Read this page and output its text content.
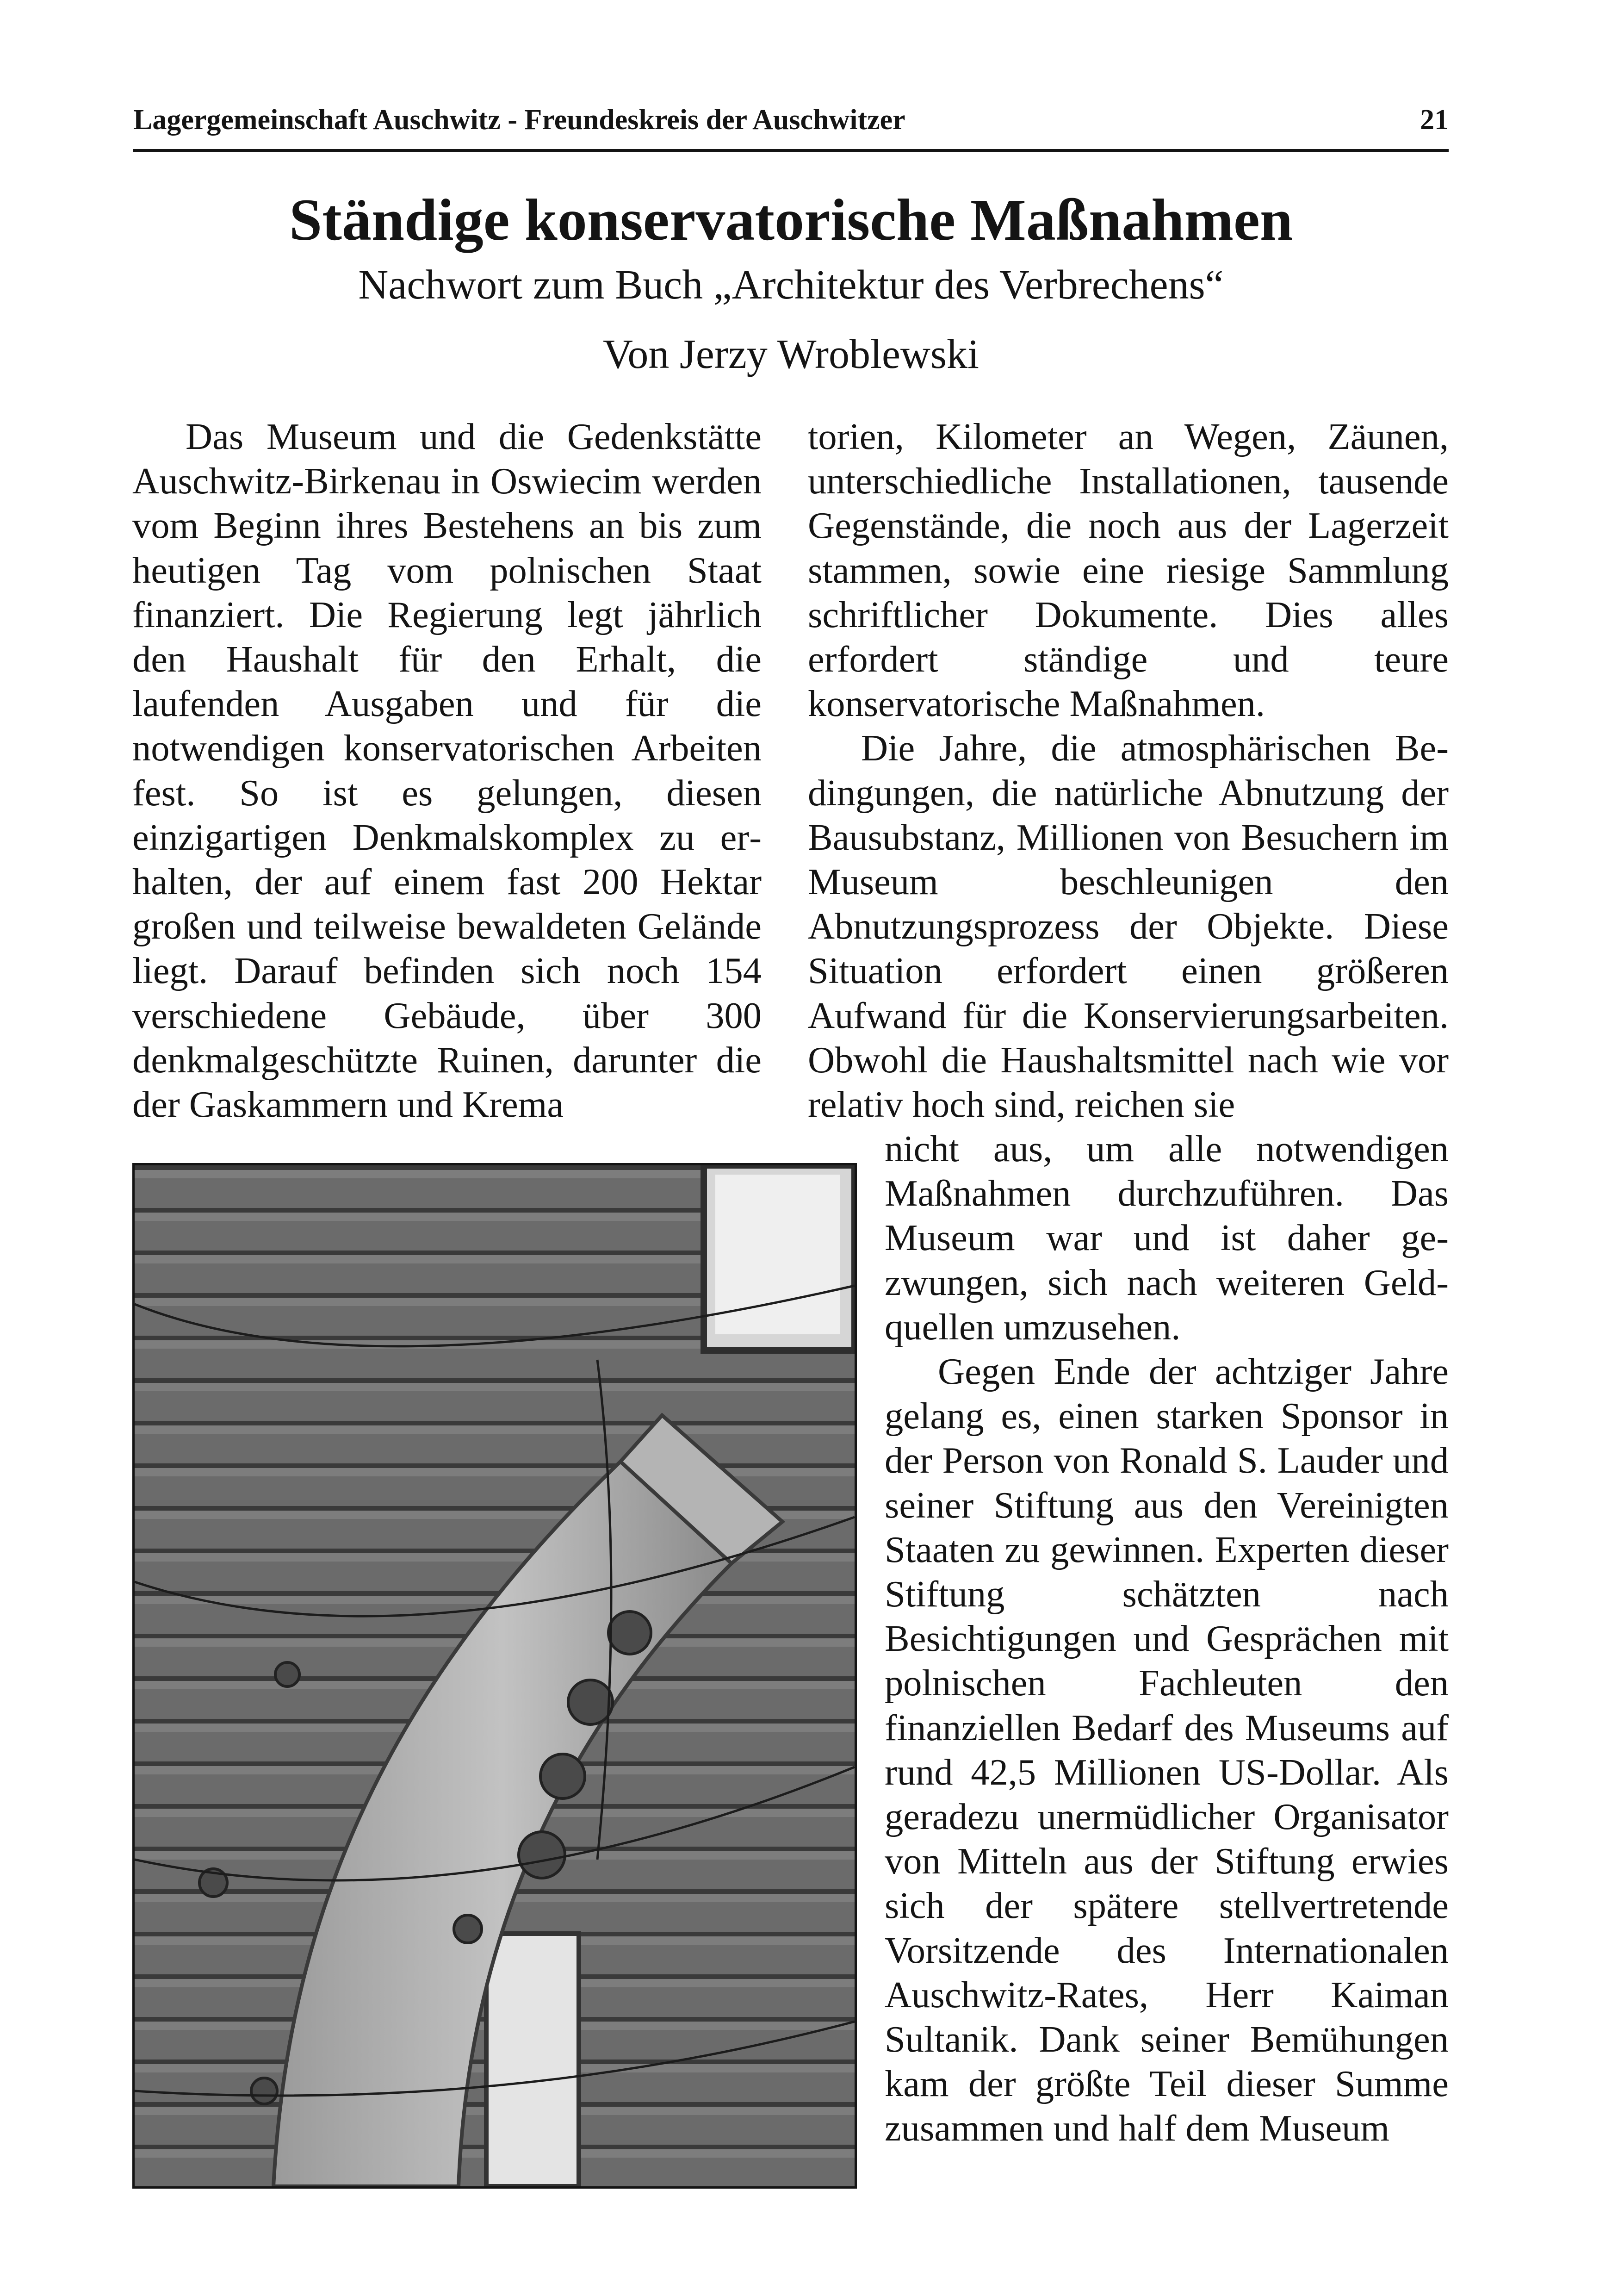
Lagergemeinschaft Auschwitz - Freundeskreis der Auschwitzer	21
Ständige konservatorische Maßnahmen
Nachwort zum Buch „Architektur des Verbrechens“
Von Jerzy Wroblewski

Das Museum und die Gedenkstätte Auschwitz-Birkenau in Oswiecim werden vom Beginn ihres Bestehens an bis zum heutigen Tag vom polnischen Staat finanziert. Die Regierung legt jährlich den Haushalt für den Erhalt, die laufenden Ausgaben und für die notwendigen konservatorischen Arbeiten fest. So ist es gelungen, diesen einzigartigen Denkmalskomplex zu erhalten, der auf einem fast 200 Hektar großen und teilweise bewaldeten Gelände liegt. Darauf befinden sich noch 154 verschiedene Gebäude, über 300 denkmalgeschützte Ruinen, darunter die der Gaskammern und Krema

torien, Kilometer an Wegen, Zäunen, unterschiedliche Installationen, tausende Gegenstände, die noch aus der Lagerzeit stammen, sowie eine riesige Sammlung schriftlicher Dokumente. Dies alles erfordert ständige und teure konservatorische Maßnahmen.

Die Jahre, die atmosphärischen Bedingungen, die natürliche Abnutzung der Bausubstanz, Millionen von Besuchern im Museum beschleunigen den Abnutzungsprozess der Objekte. Diese Situation erfordert einen größeren Aufwand für die Konservierungsarbeiten. Obwohl die Haushaltsmittel nach wie vor relativ hoch sind, reichen sie

nicht aus, um alle notwendigen Maßnahmen durchzuführen. Das Museum war und ist daher gezwungen, sich nach weiteren Geldquellen umzusehen.

Gegen Ende der achtziger Jahre gelang es, einen starken Sponsor in der Person von Ronald S. Lauder und seiner Stiftung aus den Vereinigten Staaten zu gewinnen. Experten dieser Stiftung schätzten nach Besichtigungen und Gesprächen mit polnischen Fachleuten den finanziellen Bedarf des Museums auf rund 42,5 Millionen US-Dollar. Als geradezu unermüdlicher Organisator von Mitteln aus der Stiftung erwies sich der spätere stellvertretende Vorsitzende des Internationalen Auschwitz-Rates, Herr Kaiman Sultanik. Dank seiner Bemühungen kam der größte Teil dieser Summe zusammen und half dem Museum
